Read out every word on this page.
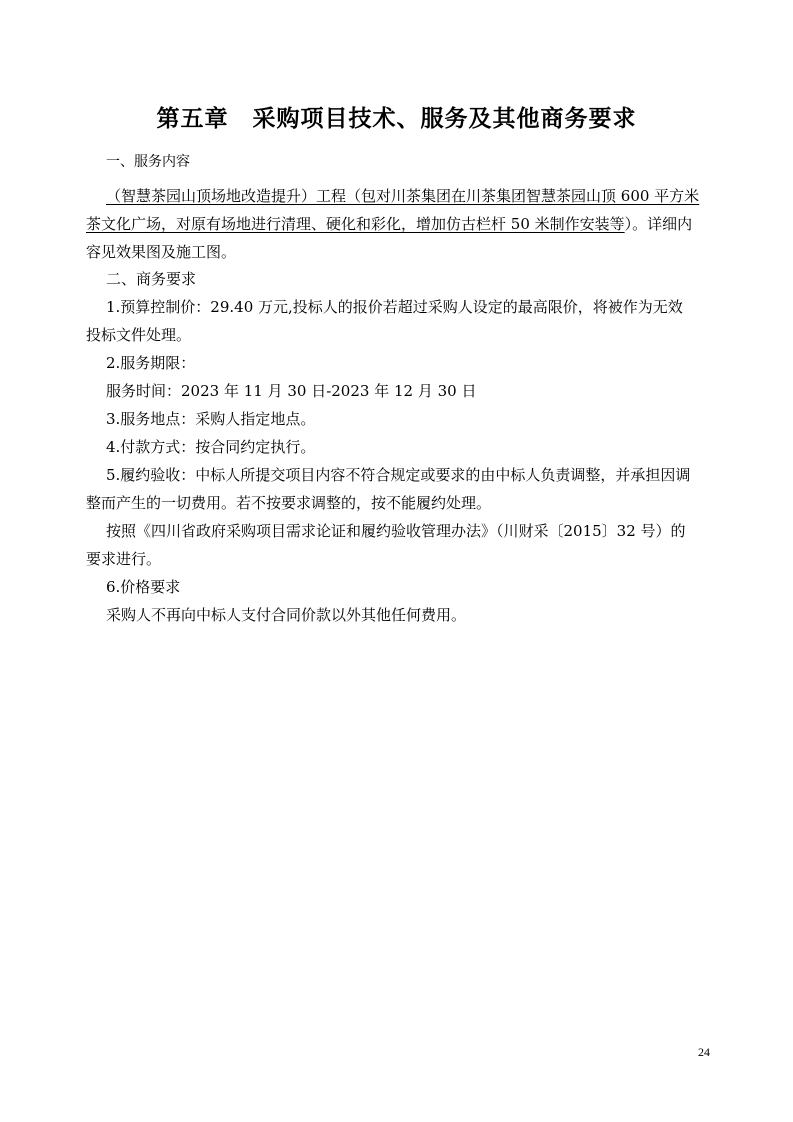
第五章　采购项目技术、服务及其他商务要求
一、服务内容
（智慧茶园山顶场地改造提升）工程（包对川茶集团在川茶集团智慧茶园山顶 600 平方米
茶文化广场，对原有场地进行清理、硬化和彩化，增加仿古栏杆 50 米制作安装等）。详细内
容见效果图及施工图。
二、商务要求
1.预算控制价：29.40 万元,投标人的报价若超过采购人设定的最高限价，将被作为无效
投标文件处理。
2.服务期限：
服务时间：2023 年 11 月 30 日-2023 年 12 月 30 日
3.服务地点：采购人指定地点。
4.付款方式：按合同约定执行。
5.履约验收：中标人所提交项目内容不符合规定或要求的由中标人负责调整，并承担因调
整而产生的一切费用。若不按要求调整的，按不能履约处理。
按照《四川省政府采购项目需求论证和履约验收管理办法》（川财采〔2015〕32 号）的
要求进行。
6.价格要求
采购人不再向中标人支付合同价款以外其他任何费用。
24
